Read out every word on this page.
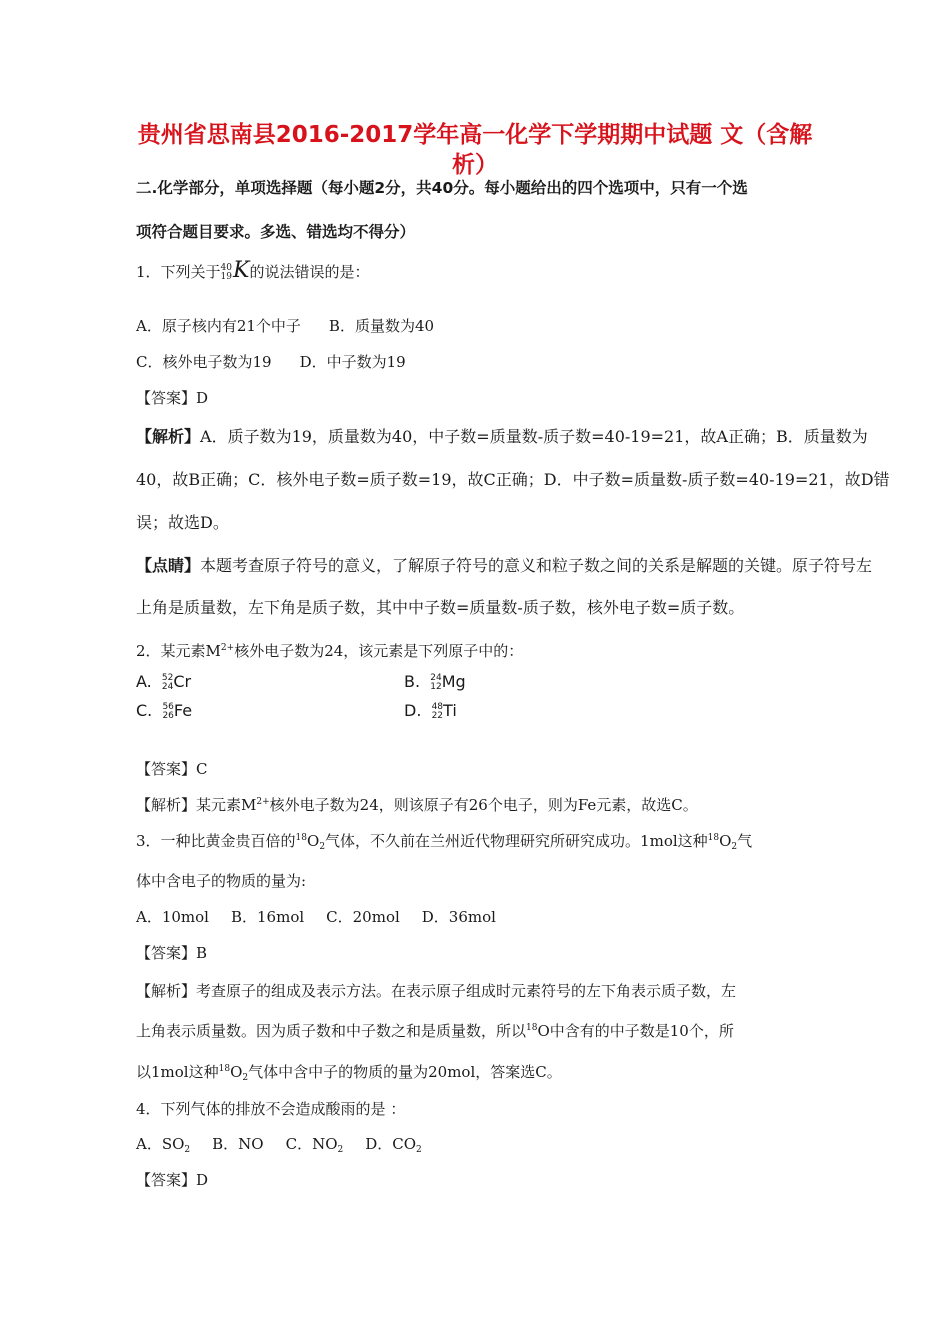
贵州省思南县2016-2017学年高一化学下学期期中试题 文（含解
析）
二.化学部分，单项选择题（每小题2分，共40分。每小题给出的四个选项中，只有一个选
项符合题目要求。多选、错选均不得分）
1．下列关于 40
19 K的说法错误的是：
A．原子核内有21个中子 B．质量数为40
C．核外电子数为19 D．中子数为19
【答案】D
【解析】A．质子数为19，质量数为40，中子数=质量数-质子数=40-19=21，故A正确；B．质量数为
40，故B正确；C．核外电子数=质子数=19，故C正确；D．中子数=质量数-质子数=40-19=21，故D错
误；故选D。
【点睛】本题考查原子符号的意义，了解原子符号的意义和粒子数之间的关系是解题的关键。原子符号左
上角是质量数，左下角是质子数，其中中子数=质量数-质子数，核外电子数=质子数。
2．某元素$M^{2+}$核外电子数为24，该元素是下列原子中的：
A. 52
24 Cr	B. 24
12 Mg
C. 56
26 Fe	D. 48
22 Ti
【答案】C
【解析】某元素$M^{2+}$核外电子数为24，则该原子有26个电子，则为Fe元素，故选C。
3．一种比黄金贵百倍的$^{18}O_2$气体，不久前在兰州近代物理研究所研究成功。1mol这种$^{18}O_2$气
体中含电子的物质的量为:
A．10mol B．16mol C．20mol D．36mol
【答案】B
【解析】考查原子的组成及表示方法。在表示原子组成时元素符号的左下角表示质子数，左
上角表示质量数。因为质子数和中子数之和是质量数，所以$^{18}$O中含有的中子数是10个，所
以1mol这种$^{18}O_2$气体中含中子的物质的量为20mol，答案选C。
4．下列气体的排放不会造成酸雨的是 ：
A．$SO_2$ B．NO C．$NO_2$ D．$CO_2$
【答案】D
